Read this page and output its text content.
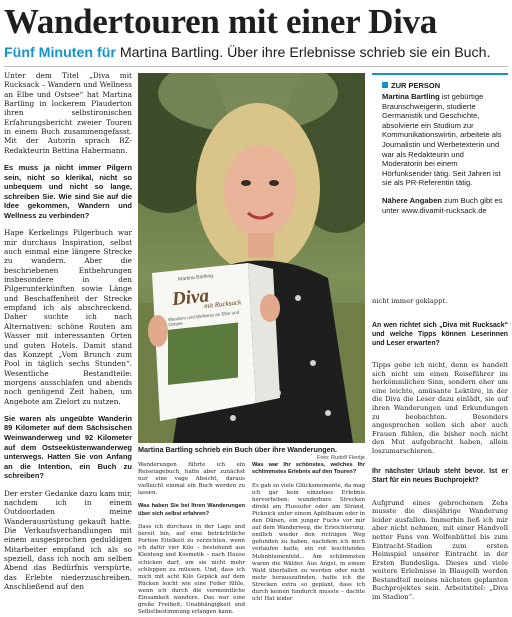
Wandertouren mit einer Diva
Fünf Minuten für Martina Bartling. Über ihre Erlebnisse schrieb sie ein Buch.

Unter dem Titel „Diva mit Rucksack – Wandern und Wellness an Elbe und Ostsee“ hat Martina Bartling in lockerem Plauderton ihren selbstironischen Erfahrungsbericht zweier Touren in einem Buch zusammengefasst. Mit der Autorin sprach BZ-Redakteurin Bettina Habermann.

Es muss ja nicht immer Pilgern sein, nicht so klerikal, nicht so unbequem und nicht so lange, schreiben Sie. Wie sind Sie auf die Idee gekommen, Wandern und Wellness zu verbinden?

Hape Kerkelings Pilgerbuch war mir durchaus Inspiration, selbst auch einmal eine längere Strecke zu wandern. Aber die beschriebenen Entbehrungen insbesondere in den Pilgerunterkünften sowie Länge und Beschaffenheit der Strecke empfand ich als abschreckend. Daher suchte ich nach Alternativen: schöne Routen am Wasser mit interessanten Orten und guten Hotels. Damit stand das Konzept „Vom Brunch zum Pool in täglich sechs Stunden“. Wesentliche Bestandteile: morgens ausschlafen und abends noch genügend Zeit haben, um Angebote am Zielort zu nutzen.

Sie waren als ungeübte Wanderin 89 Kilometer auf dem Sächsischen Weinwanderweg und 92 Kilometer auf dem Ostseeküstenwanderweg unterwegs. Hatten Sie von Anfang an die Intention, ein Buch zu schreiben?

Der erster Gedanke dazu kam mir, nachdem ich in einem Outdoorladen meine Wanderausrüstung gekauft hatte. Die Verkaufsverhandlungen mit einem ausgesprochen geduldigen Mitarbeiter empfand ich als so speziell, dass ich noch am selben Abend das Bedürfnis verspürte, das Erlebte niederzuschreiben. Anschließend auf den

Diva
mit Rucksack
Wandern und Wellness an Elbe und Ostsee
Martina Bartling
Martina Bartling schrieb ein Buch über ihre Wanderungen.
Foto: Rudolf Flentje

Wanderungen führte ich ein Reisetagebuch, hatte aber zunächst nur eine vage Absicht, daraus vielleicht einmal ein Buch werden zu lassen.

Was haben Sie bei Ihren Wanderungen über sich selbst erfahren?

Dass ich durchaus in der Lage und bereit bin, auf eine beträchtliche Portion Eitelkeit zu verzichten, wenn ich dafür vier Kilo – bestehend aus Kleidung und Kosmetik – nach Hause schicken darf, um sie nicht mehr schleppen zu müssen. Und, dass ich mich mit acht Kilo Gepäck auf dem Rücken leicht wie eine Feder fühle, wenn ich durch die vermeintliche Einsamkeit wandere. Das war eine große Freiheit, Unabhängigkeit und Selbstbestimmung erlangen kann.

Was war Ihr schönstes, welches Ihr schlimmstes Erlebnis auf den Touren?

Es gab so viele Glücksmomente, da mag ich gar kein einzelnes Erlebnis hervorheben: wunderbare Strecken direkt am Flussufer oder am Strand, Picknick unter einem Apfelbaum oder in den Dünen, ein junger Fuchs vor mir auf dem Wanderweg, die Erleichterung, endlich wieder den richtigen Weg gefunden zu haben, nachdem ich mich verlaufen hatte, ein rot leuchtendes Mohnblumenfeld... Am schlimmsten waren die Wälder. Aus Angst, in einem Wald überfallen zu werden oder nicht mehr herauszufinden, hatte ich die Strecken extra so geplant, dass ich durch keinen hindurch musste – dachte ich! Hat leider

ZUR PERSON
Martina Bartling ist gebürtige Braunschweigerin, studierte Germanistik und Geschichte, absolvierte ein Studium zur Kommunikationswirtin, arbeitete als Journalistin und Werbetexterin und war als Redakteurin und Moderatorin bei einem Hörfunksender tätig. Seit Jahren ist sie als PR-Referentin tätig.
Nähere Angaben zum Buch gibt es unter www.divamit-rucksack.de

nicht immer geklappt.

An wen richtet sich „Diva mit Rucksack“ und welche Tipps können Leserinnen und Leser erwarten?

Tipps gebe ich nicht, denn es handelt sich nicht um einen Reiseführer im herkömmlichen Sinn, sondern eher um eine leichte, amüsante Lektüre, in der die Diva die Leser dazu einlädt, sie auf ihren Wanderungen und Erkundungen zu beobachten. Besonders angesprochen sollen sich aber auch Frauen fühlen, die bisher noch nicht den Mut aufgebracht haben, allein loszumarschieren.

Ihr nächster Urlaub steht bevor. Ist er Start für ein neues Buchprojekt?

Aufgrund eines gebrochenen Zehs musste die diesjährige Wanderung leider ausfallen. Immerhin ließ ich mir aber nicht nehmen, mit einer Handvoll netter Fans von Wolfenbüttel bis zum Eintracht-Stadion zum ersten Heimspiel unserer Eintracht in der Ersten Bundesliga. Dieses und viele weitere Erlebnisse in Blaugelb werden Bestandteil meines nächsten geplanten Buchprojektes sein. Arbeitstitel: „Diva im Stadion“.
